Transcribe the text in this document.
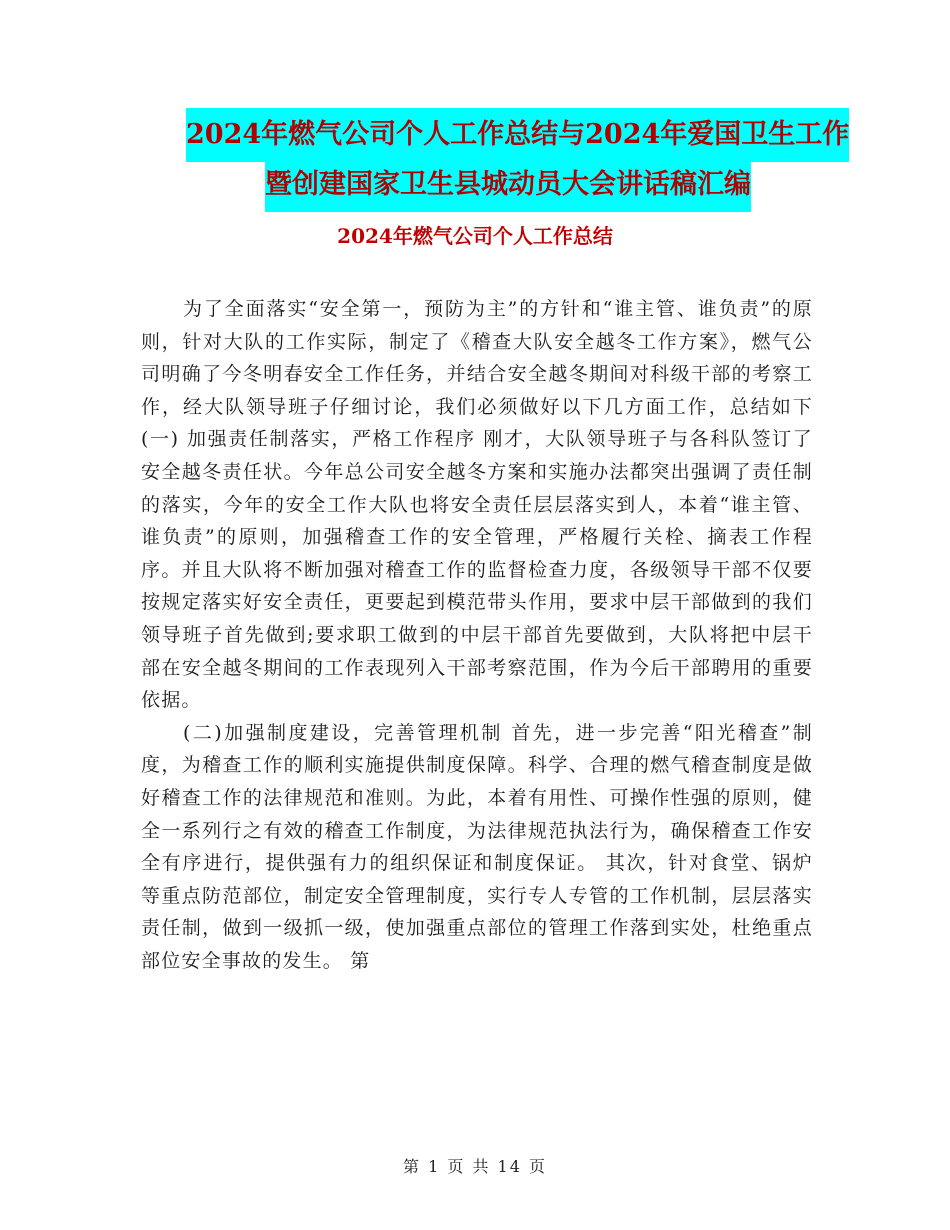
2024年燃气公司个人工作总结与2024年爱国卫生工作
暨创建国家卫生县城动员大会讲话稿汇编
2024年燃气公司个人工作总结

为了全面落实“安全第一，预防为主”的方针和“谁主管、谁负责”的原则，针对大队的工作实际，制定了《稽查大队安全越冬工作方案》，燃气公司明确了今冬明春安全工作任务，并结合安全越冬期间对科级干部的考察工作，经大队领导班子仔细讨论，我们必须做好以下几方面工作，总结如下(一) 加强责任制落实，严格工作程序 刚才，大队领导班子与各科队签订了安全越冬责任状。今年总公司安全越冬方案和实施办法都突出强调了责任制的落实，今年的安全工作大队也将安全责任层层落实到人，本着“谁主管、谁负责”的原则，加强稽查工作的安全管理，严格履行关栓、摘表工作程序。并且大队将不断加强对稽查工作的监督检查力度，各级领导干部不仅要按规定落实好安全责任，更要起到模范带头作用，要求中层干部做到的我们领导班子首先做到;要求职工做到的中层干部首先要做到，大队将把中层干部在安全越冬期间的工作表现列入干部考察范围，作为今后干部聘用的重要依据。

(二)加强制度建设，完善管理机制 首先，进一步完善“阳光稽查”制度，为稽查工作的顺利实施提供制度保障。科学、合理的燃气稽查制度是做好稽查工作的法律规范和准则。为此，本着有用性、可操作性强的原则，健全一系列行之有效的稽查工作制度，为法律规范执法行为，确保稽查工作安全有序进行，提供强有力的组织保证和制度保证。 其次，针对食堂、锅炉等重点防范部位，制定安全管理制度，实行专人专管的工作机制，层层落实责任制，做到一级抓一级，使加强重点部位的管理工作落到实处，杜绝重点部位安全事故的发生。 第

第 1 页 共 14 页
